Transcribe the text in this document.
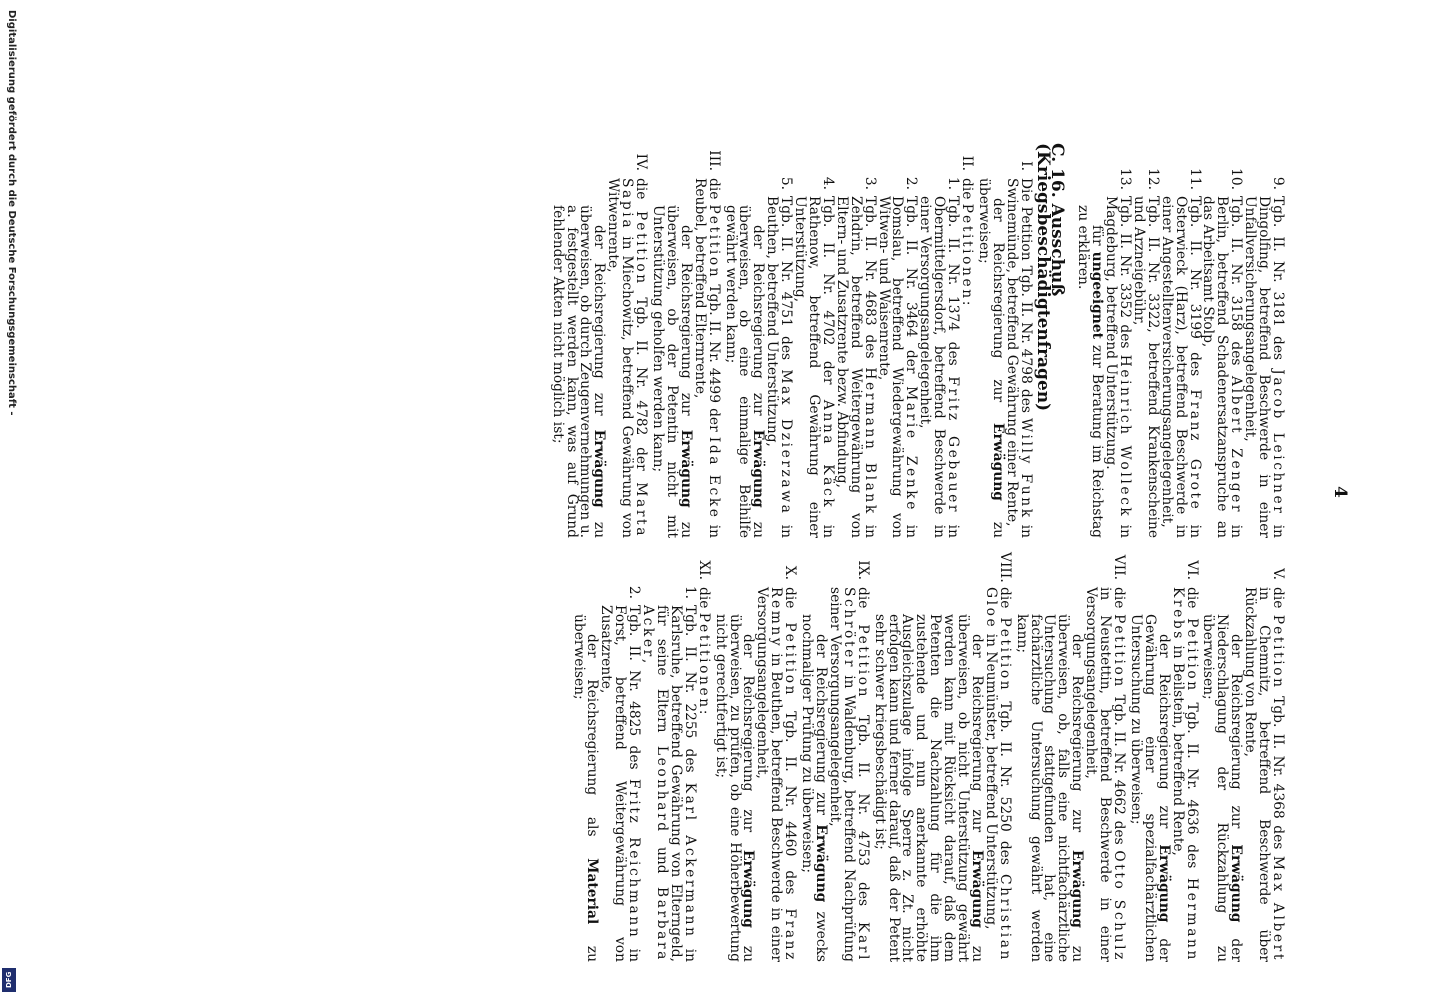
4
9.
Tgb. II. Nr. 3181 des Jacob Leichner in Dingolfing, betreffend Beschwerde in einer Unfallversicherungsangelegenheit,
10.
Tgb. II. Nr. 3158 des Albert Zenger in Berlin, betreffend Schadenersatzanspruche an das Arbeitsamt Stolp,
11.
Tgb. II. Nr. 3199 des Franz Grote in Osterwieck (Harz), betreffend Beschwerde in einer Angestelltenversicherungsangelegenheit,
12.
Tgb. II. Nr. 3322, betreffend Krankenscheine und Arzneigebühr,
13.
Tgb. II. Nr. 3352 des Heinrich Wolleck in Magdeburg, betreffend Unterstützung.
für ungeeignet zur Beratung im Reichstag zu erklären.
C. 16. Ausschuß (Kriegsbeschädigtenfragen)
I.
Die Petition Tgb. II. Nr. 4798 des Willy Funk in Swinemünde, betreffend Gewährung einer Rente,
der Reichsregierung zur Erwägung zu überweisen;
II.
die Petitionen:
1.
Tgb. II. Nr. 1374 des Fritz Gebauer in Obermittelgersdorf, betreffend Beschwerde in einer Versorgungsangelegenheit,
2.
Tgb. II. Nr. 3464 der Marie Zenke in Domslau, betreffend Wiedergewährung von Witwen- und Waisenrente,
3.
Tgb. II. Nr. 4683 des Hermann Blank in Zehdrin, betreffend Weitergewährung von Eltern- und Zusatzrente bezw. Abfindung,
4.
Tgb. II. Nr. 4702 der Anna Käck in Rathenow, betreffend Gewährung einer Unterstützung,
5.
Tgb. II. Nr. 4751 des Max Dzierzawa in Beuthen, betreffend Unterstützung,
der Reichsregierung zur Erwägung zu überweisen, ob eine einmalige Beihilfe gewährt werden kann;
III.
die Petition Tgb. II. Nr. 4499 der Ida Ecke in Reubel, betreffend Elternrente,
der Reichsregierung zur Erwägung zu überweisen, ob der Petentin nicht mit Unterstützung geholfen werden kann;
IV.
die Petition Tgb. II. Nr. 4782 der Marta Sapia in Miechowitz, betreffend Gewährung von Witwenrente,
der Reichsregierung zur Erwägung zu überweisen, ob durch Zeugenvernehmungen u. a. festgestellt werden kann, was auf Grund fehlender Akten nicht möglich ist;
V.
die Petition Tgb. II. Nr. 4368 des Max Albert in Chemnitz, betreffend Beschwerde über Rückzahlung von Rente,
der Reichsregierung zur Erwägung der Niederschlagung der Rückzahlung zu überweisen;
VI.
die Petition Tgb. II. Nr. 4636 des Hermann Krebs in Beilstein, betreffend Rente,
der Reichsregierung zur Erwägung der Gewährung einer spezialfachärztlichen Untersuchung zu überweisen;
VII.
die Petition Tgb. II. Nr. 4662 des Otto Schulz in Neustettin, betreffend Beschwerde in einer Versorgungsangelegenheit,
der Reichsregierung zur Erwägung zu überweisen, ob, falls eine nichtfachärztliche Untersuchung stattgefunden hat, eine fachärztliche Untersuchung gewährt werden kann;
VIII.
die Petition Tgb. II. Nr. 5250 des Christian Gloe in Neumünster, betreffend Unterstützung,
der Reichsregierung zur Erwägung zu überweisen, ob nicht Unterstützung gewährt werden kann mit Rücksicht darauf, daß dem Petenten die Nachzahlung für die ihm zustehende und nun anerkannte erhöhte Ausgleichszulage infolge Sperre z. Zt. nicht erfolgen kann und ferner darauf, daß der Petent sehr schwer kriegsbeschädigt ist;
IX.
die Petition Tgb. II. Nr. 4753 des Karl Schröter in Waldenburg, betreffend Nachprüfung seiner Versorgungsangelegenheit,
der Reichsregierung zur Erwägung zwecks nochmaliger Prüfung zu überweisen;
X.
die Petition Tgb. II. Nr. 4460 des Franz Remny in Beuthen, betreffend Beschwerde in einer Versorgungsangelegenheit,
der Reichsregierung zur Erwägung zu überweisen, zu prüfen, ob eine Höherbewertung nicht gerechtfertigt ist;
XI.
die Petitionen:
1.
Tgb. II. Nr. 2255 des Karl Ackermann in Karlsruhe, betreffend Gewährung von Elterngeld, für seine Eltern Leonhard und Barbara Acker,
2.
Tgb. II. Nr. 4825 des Fritz Reichmann in Forst, betreffend Weitergewährung von Zusatzrente,
der Reichsregierung als Material zu überweisen;
Digitalisierung gefördert durch die Deutsche Forschungsgemeinschaft -
DFG
